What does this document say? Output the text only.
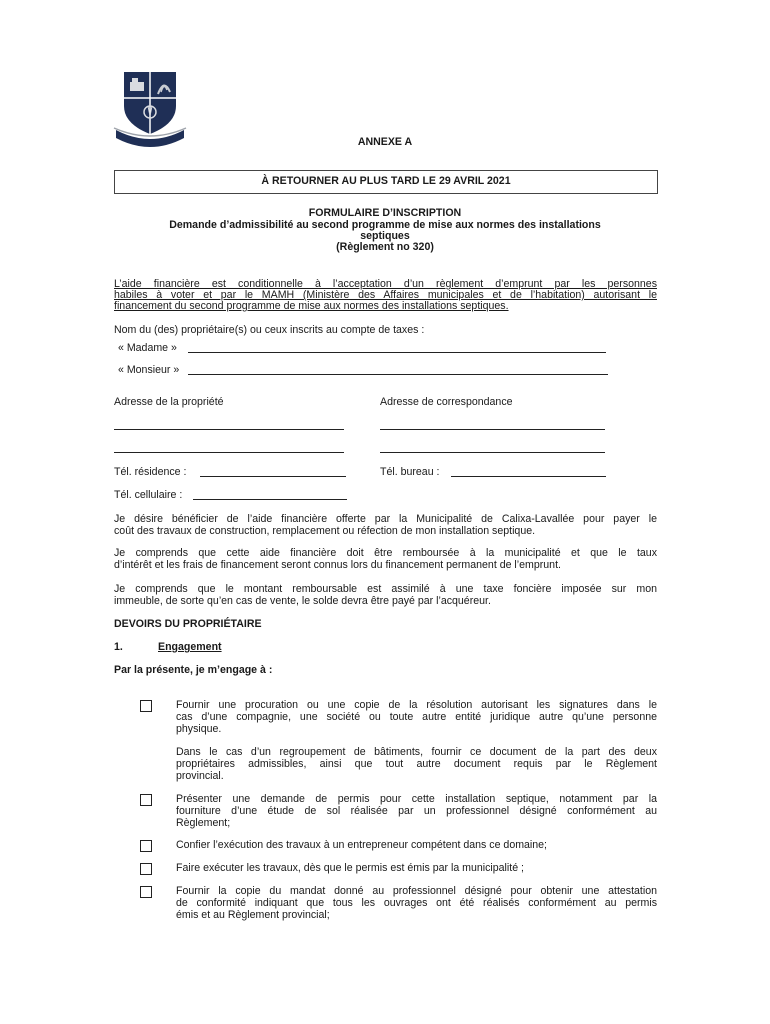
ANNEXE A
À RETOURNER AU PLUS TARD LE 29 AVRIL 2021
FORMULAIRE D’INSCRIPTION
Demande d’admissibilité au second programme de mise aux normes des installations
septiques
(Règlement no 320)
L’aide financière est conditionnelle à l’acceptation d’un règlement d’emprunt par les personnes
habiles à voter et par le MAMH (Ministère des Affaires municipales et de l’habitation) autorisant le
financement du second programme de mise aux normes des installations septiques.
Nom du (des) propriétaire(s) ou ceux inscrits au compte de taxes :
« Madame »
« Monsieur »
Adresse de la propriété	Adresse de correspondance
Tél. résidence :	Tél. bureau :
Tél. cellulaire :
Je désire bénéficier de l’aide financière offerte par la Municipalité de Calixa-Lavallée pour payer le
coût des travaux de construction, remplacement ou réfection de mon installation septique.
Je comprends que cette aide financière doit être remboursée à la municipalité et que le taux
d’intérêt et les frais de financement seront connus lors du financement permanent de l’emprunt.
Je comprends que le montant remboursable est assimilé à une taxe foncière imposée sur mon
immeuble, de sorte qu’en cas de vente, le solde devra être payé par l’acquéreur.
DEVOIRS DU PROPRIÉTAIRE
1.	Engagement
Par la présente, je m’engage à :
Fournir une procuration ou une copie de la résolution autorisant les signatures dans le
cas d’une compagnie, une société ou toute autre entité juridique autre qu’une personne
physique.
Dans le cas d’un regroupement de bâtiments, fournir ce document de la part des deux
propriétaires admissibles, ainsi que tout autre document requis par le Règlement
provincial.
Présenter une demande de permis pour cette installation septique, notamment par la
fourniture d’une étude de sol réalisée par un professionnel désigné conformément au
Règlement;
Confier l’exécution des travaux à un entrepreneur compétent dans ce domaine;
Faire exécuter les travaux, dès que le permis est émis par la municipalité ;
Fournir la copie du mandat donné au professionnel désigné pour obtenir une attestation
de conformité indiquant que tous les ouvrages ont été réalisés conformément au permis
émis et au Règlement provincial;
